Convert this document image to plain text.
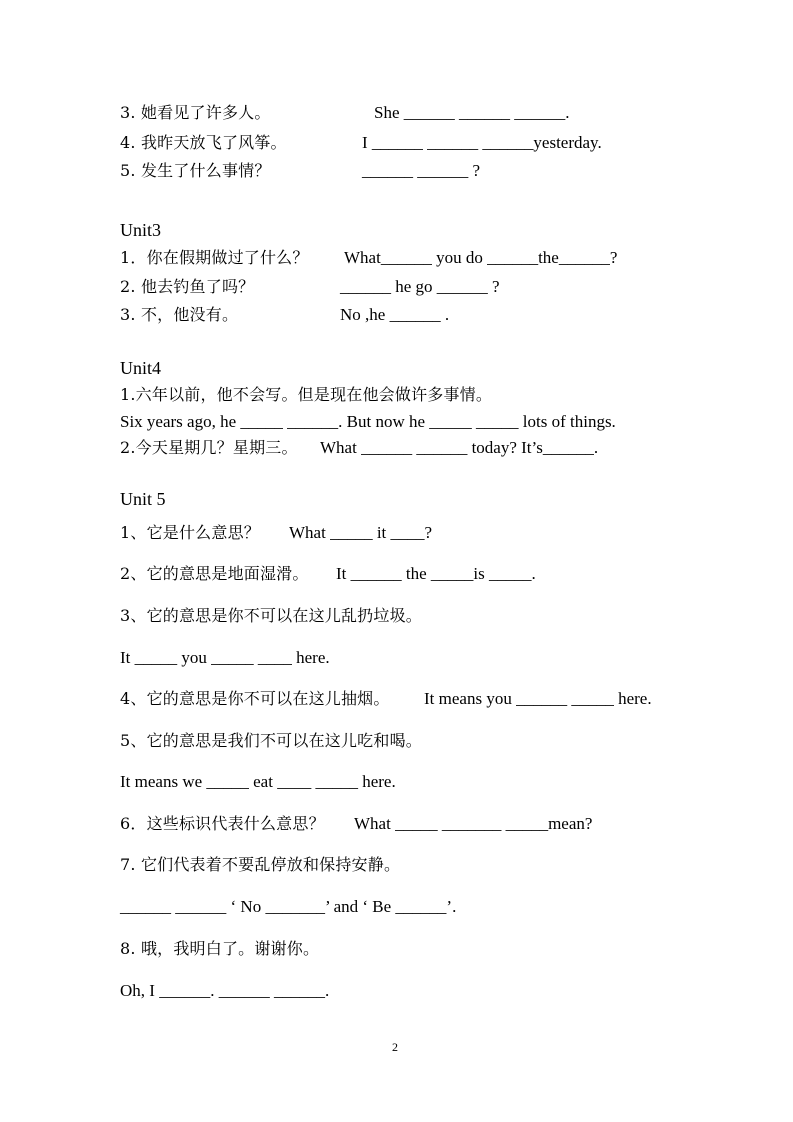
3. 她看见了许多人。	She ______ ______ ______.
4. 我昨天放飞了风筝。	I ______ ______ ______yesterday.
5. 发生了什么事情？	______ ______ ?
Unit3
1．你在假期做过了什么？ What______ you do ______the______?
2. 他去钓鱼了吗？	______ he go ______ ?
3. 不，他没有。	No ,he ______ .
Unit4
1.六年以前，他不会写。但是现在他会做许多事情。
Six years ago, he _____ ______. But now he _____ _____ lots of things.
2.今天星期几？星期三。 What ______ ______ today? It’s______.
Unit 5
1、它是什么意思？ What _____ it ____?
2、它的意思是地面湿滑。 It ______ the _____is _____.
3、它的意思是你不可以在这儿乱扔垃圾。
It _____ you _____ ____ here.
4、它的意思是你不可以在这儿抽烟。 It means you ______ _____ here.
5、它的意思是我们不可以在这儿吃和喝。
It means we _____ eat ____ _____ here.
6．这些标识代表什么意思？ What _____ _______ _____mean?
7. 它们代表着不要乱停放和保持安静。
______ ______ ‘ No _______’ and ‘ Be ______’.
8. 哦，我明白了。谢谢你。
Oh, I ______. ______ ______.
2
